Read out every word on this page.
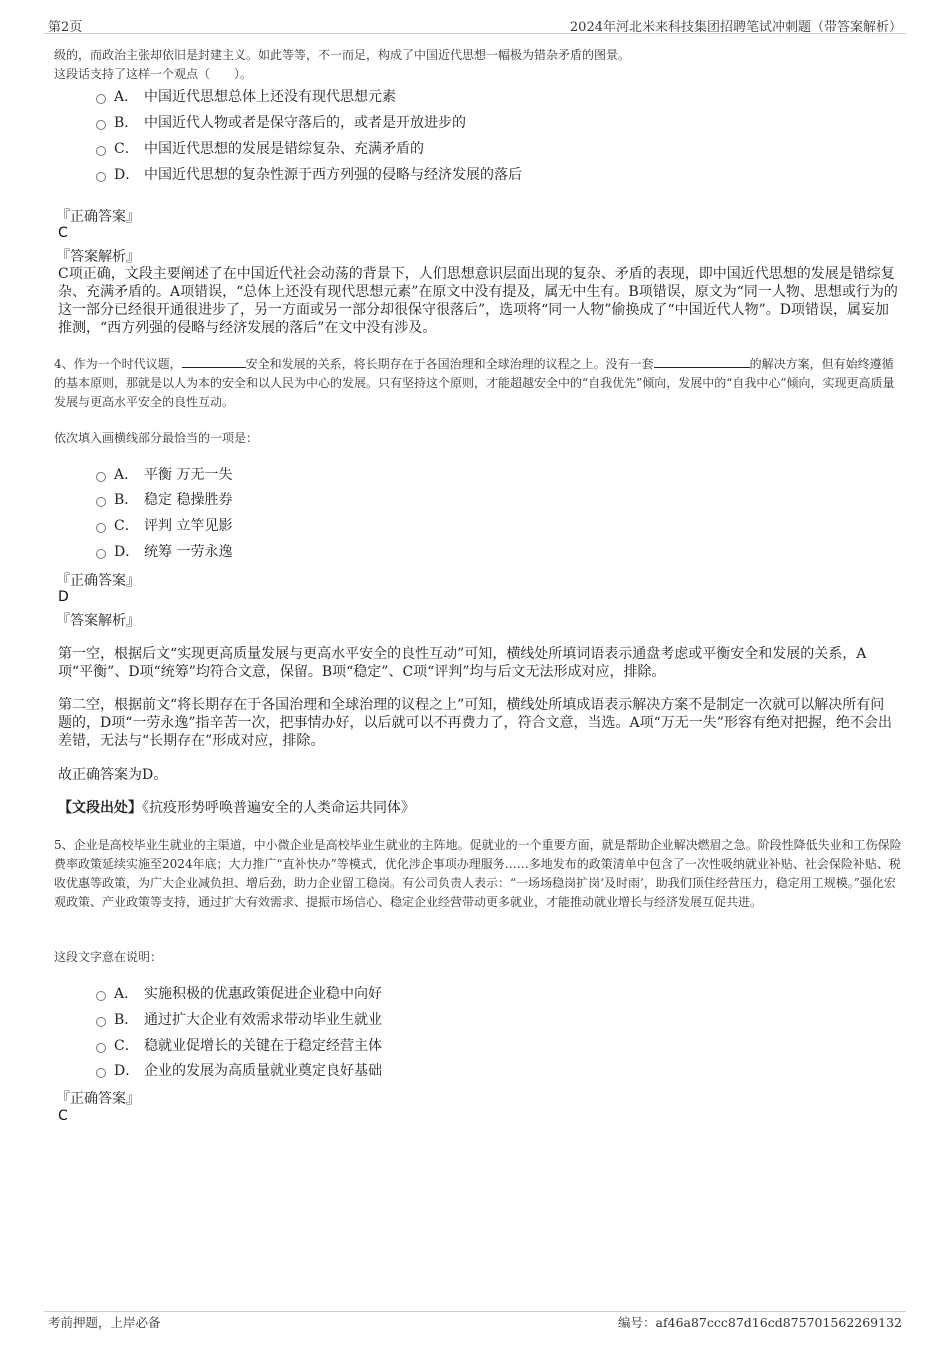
第2页	2024年河北米来科技集团招聘笔试冲刺题（带答案解析）
级的，而政治主张却依旧是封建主义。如此等等，不一而足，构成了中国近代思想一幅极为错杂矛盾的图景。
这段话支持了这样一个观点（　　）。
A． 中国近代思想总体上还没有现代思想元素
B． 中国近代人物或者是保守落后的，或者是开放进步的
C． 中国近代思想的发展是错综复杂、充满矛盾的
D． 中国近代思想的复杂性源于西方列强的侵略与经济发展的落后
『正确答案』
C
『答案解析』
C项正确，文段主要阐述了在中国近代社会动荡的背景下，人们思想意识层面出现的复杂、矛盾的表现，即中国近代思想的发展是错综复杂、充满矛盾的。A项错误，“总体上还没有现代思想元素”在原文中没有提及，属无中生有。B项错误，原文为“同一人物、思想或行为的这一部分已经很开通很进步了，另一方面或另一部分却很保守很落后”，选项将“同一人物”偷换成了“中国近代人物”。D项错误，属妄加推测，“西方列强的侵略与经济发展的落后”在文中没有涉及。
4、作为一个时代议题，	安全和发展的关系，将长期存在于各国治理和全球治理的议程之上。没有一套	的解决方案，但有始终遵循的基本原则，那就是以人为本的安全和以人民为中心的发展。只有坚持这个原则，才能超越安全中的“自我优先”倾向，发展中的“自我中心”倾向，实现更高质量发展与更高水平安全的良性互动。
依次填入画横线部分最恰当的一项是：
A． 平衡 万无一失
B． 稳定 稳操胜券
C． 评判 立竿见影
D． 统筹 一劳永逸
『正确答案』
D
『答案解析』
第一空，根据后文“实现更高质量发展与更高水平安全的良性互动”可知，横线处所填词语表示通盘考虑或平衡安全和发展的关系，A项“平衡”、D项“统筹”均符合文意，保留。B项“稳定”、C项“评判”均与后文无法形成对应，排除。
第二空，根据前文“将长期存在于各国治理和全球治理的议程之上”可知，横线处所填成语表示解决方案不是制定一次就可以解决所有问题的，D项“一劳永逸”指辛苦一次，把事情办好，以后就可以不再费力了，符合文意，当选。A项“万无一失”形容有绝对把握，绝不会出差错，无法与“长期存在”形成对应，排除。
故正确答案为D。
【文段出处】《抗疫形势呼唤普遍安全的人类命运共同体》
5、企业是高校毕业生就业的主渠道，中小微企业是高校毕业生就业的主阵地。促就业的一个重要方面，就是帮助企业解决燃眉之急。阶段性降低失业和工伤保险费率政策延续实施至2024年底；大力推广“直补快办”等模式，优化涉企事项办理服务……多地发布的政策清单中包含了一次性吸纳就业补贴、社会保险补贴、税收优惠等政策，为广大企业减负担、增后劲，助力企业留工稳岗。有公司负责人表示：“一场场稳岗扩岗‘及时雨’，助我们顶住经营压力，稳定用工规模。”强化宏观政策、产业政策等支持，通过扩大有效需求、提振市场信心、稳定企业经营带动更多就业，才能推动就业增长与经济发展互促共进。
这段文字意在说明：
A． 实施积极的优惠政策促进企业稳中向好
B． 通过扩大企业有效需求带动毕业生就业
C． 稳就业促增长的关键在于稳定经营主体
D． 企业的发展为高质量就业奠定良好基础
『正确答案』
C
考前押题，上岸必备	编号：af46a87ccc87d16cd875701562269132
